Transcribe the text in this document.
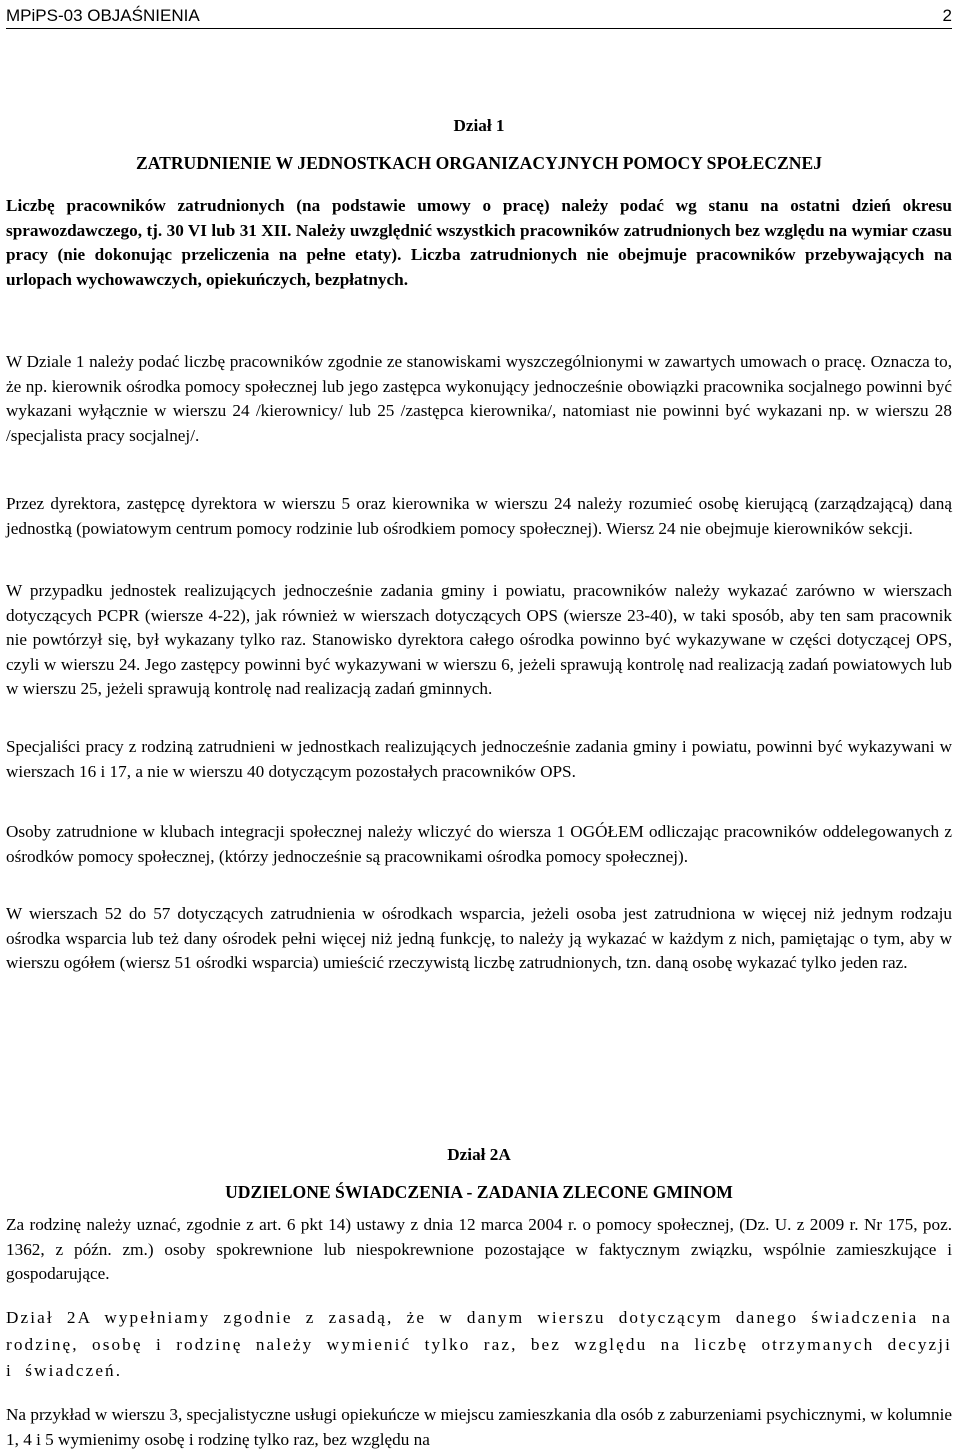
MPiPS-03 OBJAŚNIENIA	2
Dział 1
ZATRUDNIENIE W JEDNOSTKACH ORGANIZACYJNYCH POMOCY SPOŁECZNEJ

Liczbę pracowników zatrudnionych (na podstawie umowy o pracę) należy podać wg stanu na ostatni dzień okresu sprawozdawczego, tj. 30 VI lub 31 XII. Należy uwzględnić wszystkich pracowników zatrudnionych bez względu na wymiar czasu pracy (nie dokonując przeliczenia na pełne etaty). Liczba zatrudnionych nie obejmuje pracowników przebywających na urlopach wychowawczych, opiekuńczych, bezpłatnych.

W Dziale 1 należy podać liczbę pracowników zgodnie ze stanowiskami wyszczególnionymi w zawartych umowach o pracę. Oznacza to, że np. kierownik ośrodka pomocy społecznej lub jego zastępca wykonujący jednocześnie obowiązki pracownika socjalnego powinni być wykazani wyłącznie w wierszu 24 /kierownicy/ lub 25 /zastępca kierownika/, natomiast nie powinni być wykazani np. w wierszu 28 /specjalista pracy socjalnej/.

Przez dyrektora, zastępcę dyrektora w wierszu 5 oraz kierownika w wierszu 24 należy rozumieć osobę kierującą (zarządzającą) daną jednostką (powiatowym centrum pomocy rodzinie lub ośrodkiem pomocy społecznej). Wiersz 24 nie obejmuje kierowników sekcji.

W przypadku jednostek realizujących jednocześnie zadania gminy i powiatu, pracowników należy wykazać zarówno w wierszach dotyczących PCPR (wiersze 4-22), jak również w wierszach dotyczących OPS (wiersze 23-40), w taki sposób, aby ten sam pracownik nie powtórzył się, był wykazany tylko raz. Stanowisko dyrektora całego ośrodka powinno być wykazywane w części dotyczącej OPS, czyli w wierszu 24. Jego zastępcy powinni być wykazywani w wierszu 6, jeżeli sprawują kontrolę nad realizacją zadań powiatowych lub w wierszu 25, jeżeli sprawują kontrolę nad realizacją zadań gminnych.

Specjaliści pracy z rodziną zatrudnieni w jednostkach realizujących jednocześnie zadania gminy i powiatu, powinni być wykazywani w wierszach 16 i 17, a nie w wierszu 40 dotyczącym pozostałych pracowników OPS.

Osoby zatrudnione w klubach integracji społecznej należy wliczyć do wiersza 1 OGÓŁEM odliczając pracowników oddelegowanych z ośrodków pomocy społecznej, (którzy jednocześnie są pracownikami ośrodka pomocy społecznej).

W wierszach 52 do 57 dotyczących zatrudnienia w ośrodkach wsparcia, jeżeli osoba jest zatrudniona w więcej niż jednym rodzaju ośrodka wsparcia lub też dany ośrodek pełni więcej niż jedną funkcję, to należy ją wykazać w każdym z nich, pamiętając o tym, aby w wierszu ogółem (wiersz 51 ośrodki wsparcia) umieścić rzeczywistą liczbę zatrudnionych, tzn. daną osobę wykazać tylko jeden raz.

Dział 2A
UDZIELONE ŚWIADCZENIA - ZADANIA ZLECONE GMINOM

Za rodzinę należy uznać, zgodnie z art. 6 pkt 14) ustawy z dnia 12 marca 2004 r. o pomocy społecznej, (Dz. U. z 2009 r. Nr 175, poz. 1362, z późn. zm.) osoby spokrewnione lub niespokrewnione pozostające w faktycznym związku, wspólnie zamieszkujące i gospodarujące.

Dział 2A wypełniamy zgodnie z zasadą, że w danym wierszu dotyczącym danego świadczenia na rodzinę, osobę i rodzinę należy wymienić tylko raz, bez względu na liczbę otrzymanych decyzji i świadczeń.

Na przykład w wierszu 3, specjalistyczne usługi opiekuńcze w miejscu zamieszkania dla osób z zaburzeniami psychicznymi, w kolumnie 1, 4 i 5 wymienimy osobę i rodzinę tylko raz, bez względu na
